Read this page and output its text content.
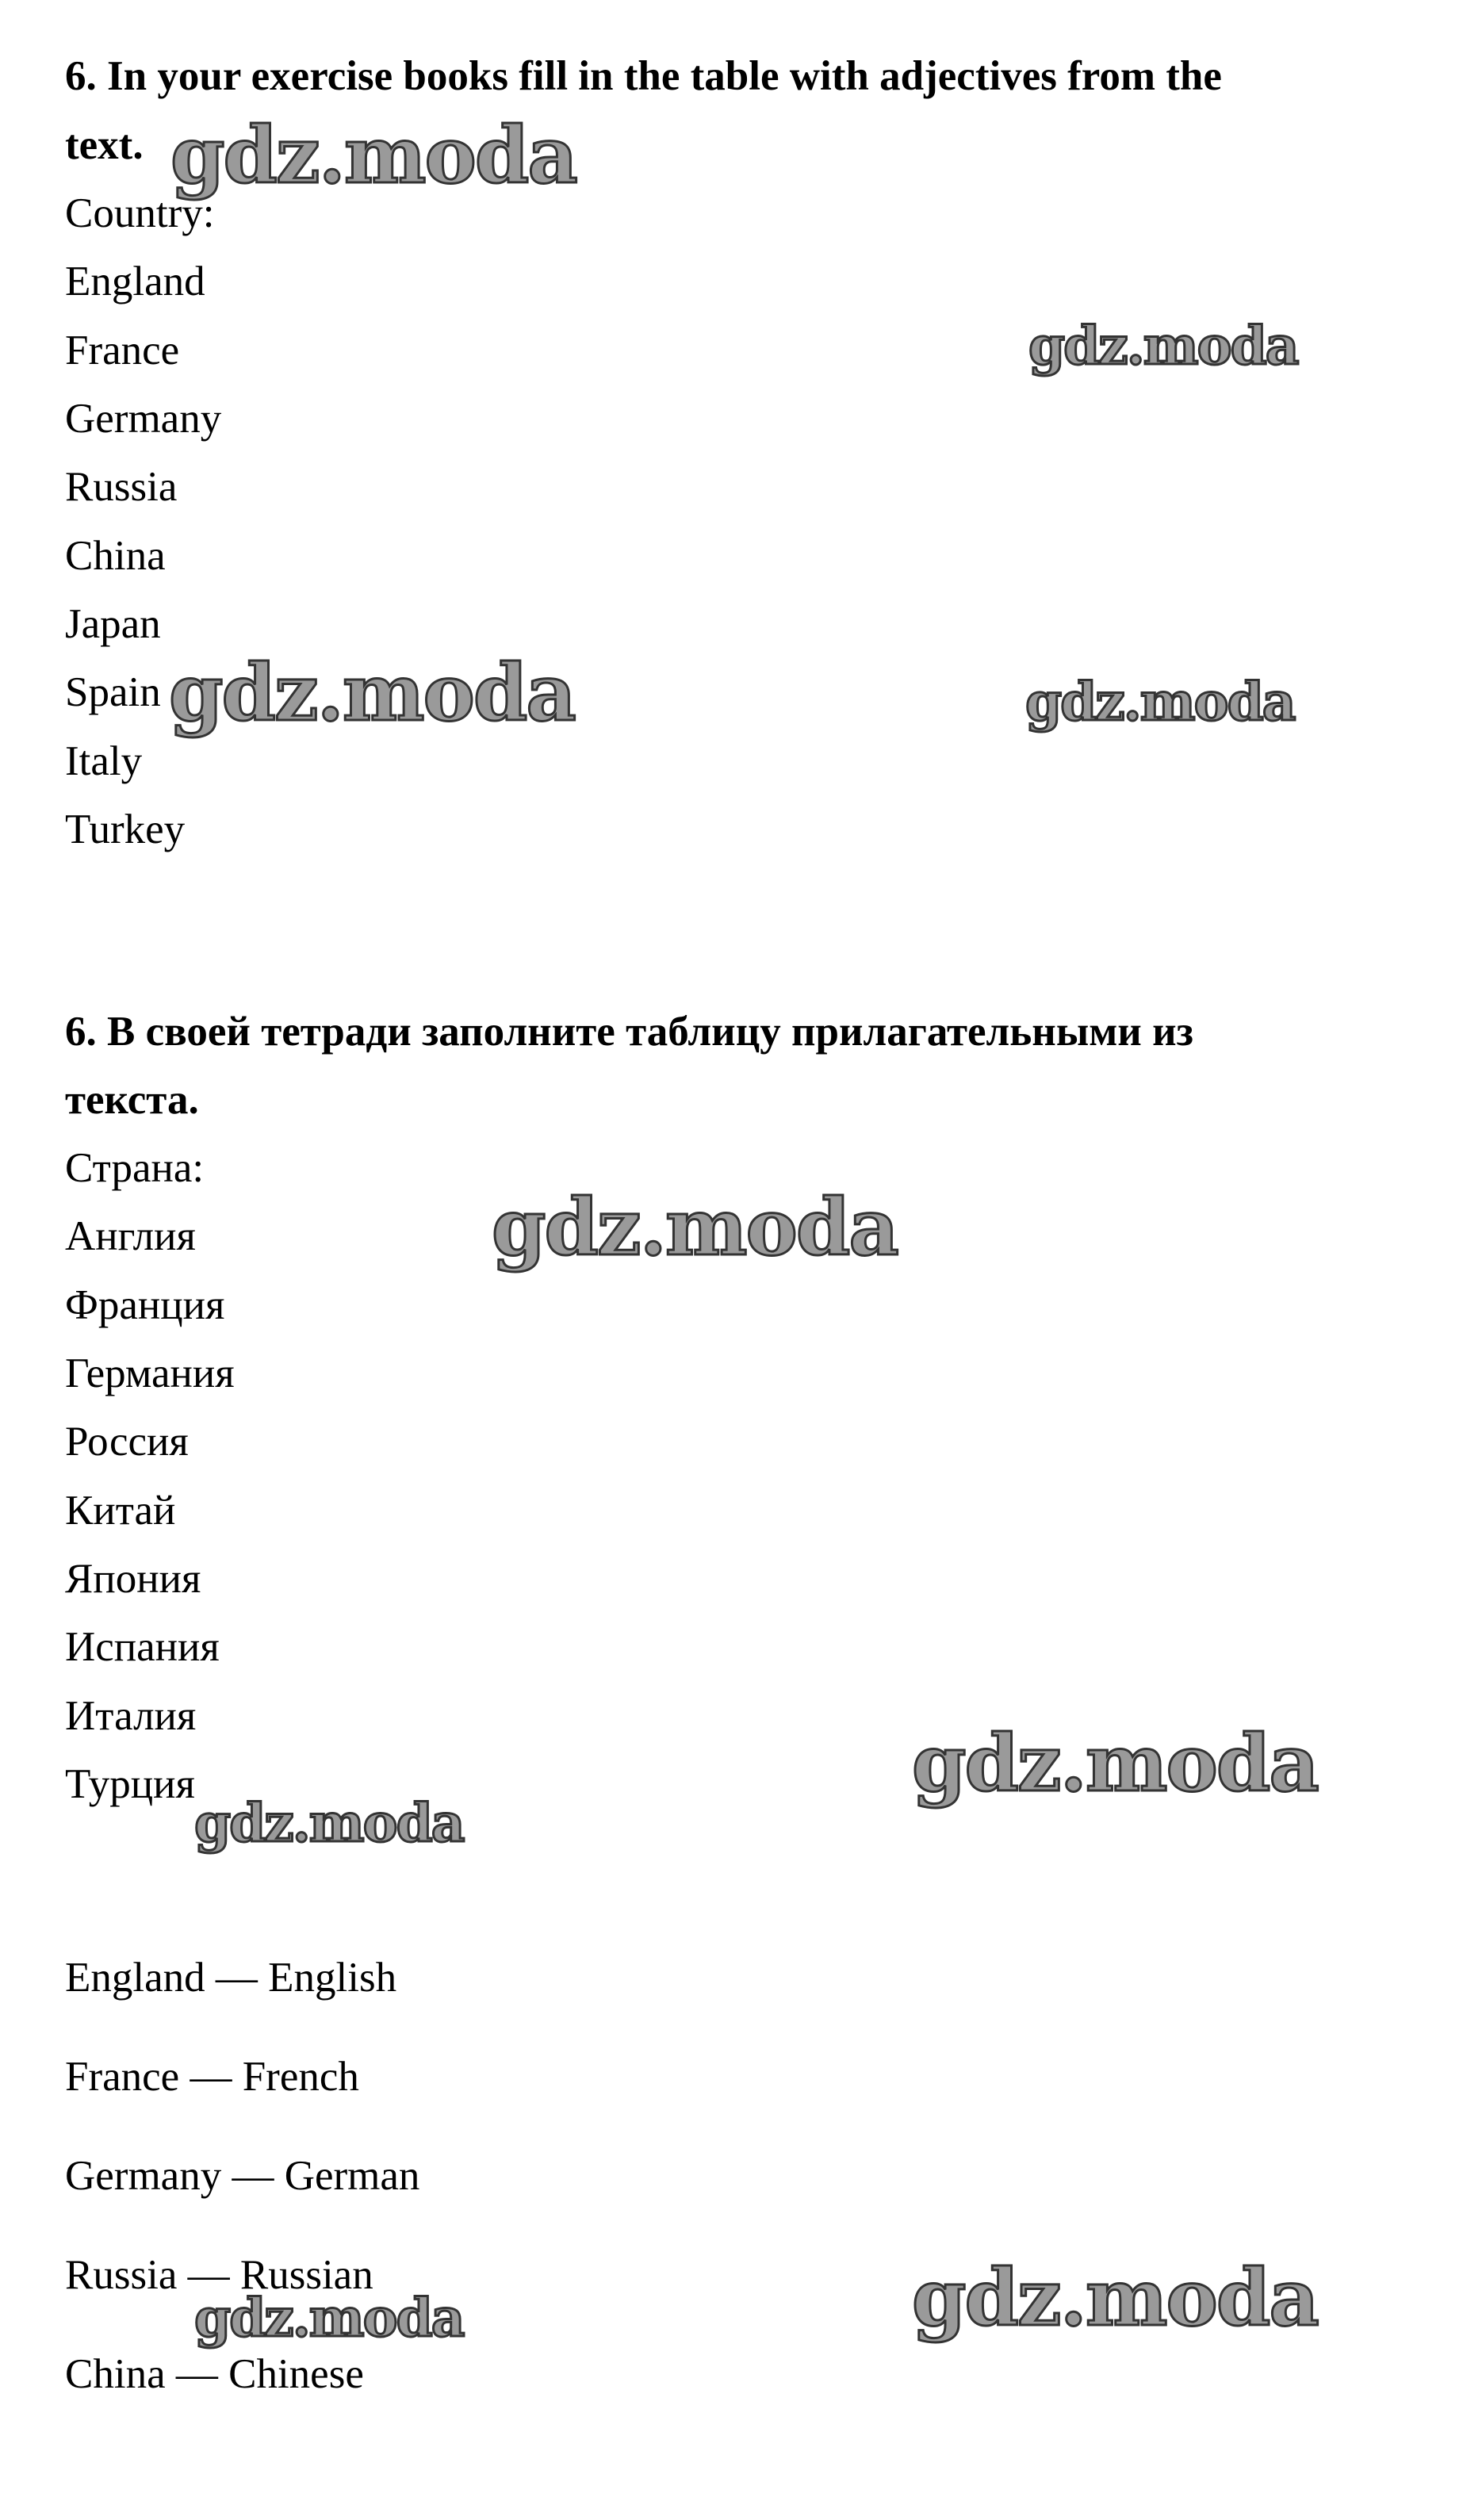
6. In your exercise books fill in the table with adjectives from the
text.
Country:
England
France
Germany
Russia
China
Japan
Spain
Italy
Turkey
6. В своей тетради заполните таблицу прилагательными из
текста.
Страна:
Англия
Франция
Германия
Россия
Китай
Япония
Испания
Италия
Турция
England — English
France — French
Germany — German
Russia — Russian
China — Chinese
gdz.moda
gdz.moda
gdz.moda	gdz.moda
gdz.moda
gdz.moda
gdz.moda
gdz.moda	gdz.moda
